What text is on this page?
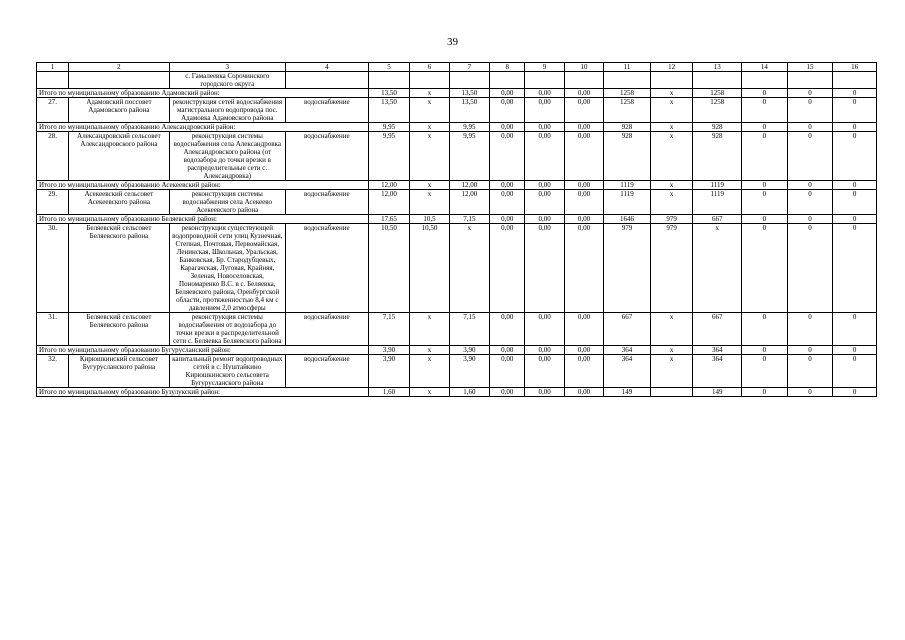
39
1	2	3	4	5	6	7	8	9	10	11	12	13	14	15	16
		с. Гамалеевка Сорочинского городского округа													
Итого по муниципальному образованию Адамовский район:				13,50	х	13,50	0,00	0,00	0,00	1258	х	1258	0	0	0
27.	Адамовский поссовет Адамовского района	реконструкция сетей водоснабжения магистрального водопровода пос. Адамовка Адамовского района	водоснабжение	13,50	х	13,50	0,00	0,00	0,00	1258	х	1258	0	0	0
Итого по муниципальному образованию Александровский район:				9,95	х	9,95	0,00	0,00	0,00	928	х	928	0	0	0
28.	Александровский сельсовет Александровского района	реконструкция системы водоснабжения села Александровка Александровского района (от водозабора до точки врезки в распределительные сети с. Александровка)	водоснабжение	9,95	х	9,95	0,00	0,00	0,00	928	х	928	0	0	0
Итого по муниципальному образованию Асекеевский район:				12,00	х	12,00	0,00	0,00	0,00	1119	х	1119	0	0	0
29.	Асекеевский сельсовет Асекеевского района	реконструкция системы водоснабжения села Асекеево Асекеевского района	водоснабжение	12,00	х	12,00	0,00	0,00	0,00	1119	х	1119	0	0	0
Итого по муниципальному образованию Беляевский район:				17,65	10,5	7,15	0,00	0,00	0,00	1646	979	667	0	0	0
30.	Беляевский сельсовет Беляевского района	реконструкция существующей водопроводной сети улиц Кузнечная, Степная, Почтовая, Первомайская, Ленинская, Школьная, Уральская, Банковская, Бр. Стародубцевых, Карагачская, Луговая, Крайняя, Зеленая, Новоселовская, Пономаренко В.С. в с. Беляевка, Беляевского района, Оренбургской области, протяженностью 8,4 км с давлением 2,0 атмосферы	водоснабжение	10,50	10,50	х	0,00	0,00	0,00	979	979	х	0	0	0
31.	Беляевский сельсовет Беляевского района	реконструкция системы водоснабжения от водозабора до точки врезки в распределительной сети с. Беляевка Беляевского района	водоснабжение	7,15	х	7,15	0,00	0,00	0,00	667	х	667	0	0	0
Итого по муниципальному образованию Бугурусланский район:				3,90	х	3,90	0,00	0,00	0,00	364	х	364	0	0	0
32.	Кирюшкинский сельсовет Бугурусланского района	капитальный ремонт водопроводных сетей в с. Нуштайкино Кирюшкинского сельсовета Бугурусланского района	водоснабжение	3,90	х	3,90	0,00	0,00	0,00	364	х	364	0	0	0
Итого по муниципальному образованию Бузулукский район:				1,60	х	1,60	0,00	0,00	0,00	149		149	0	0	0
